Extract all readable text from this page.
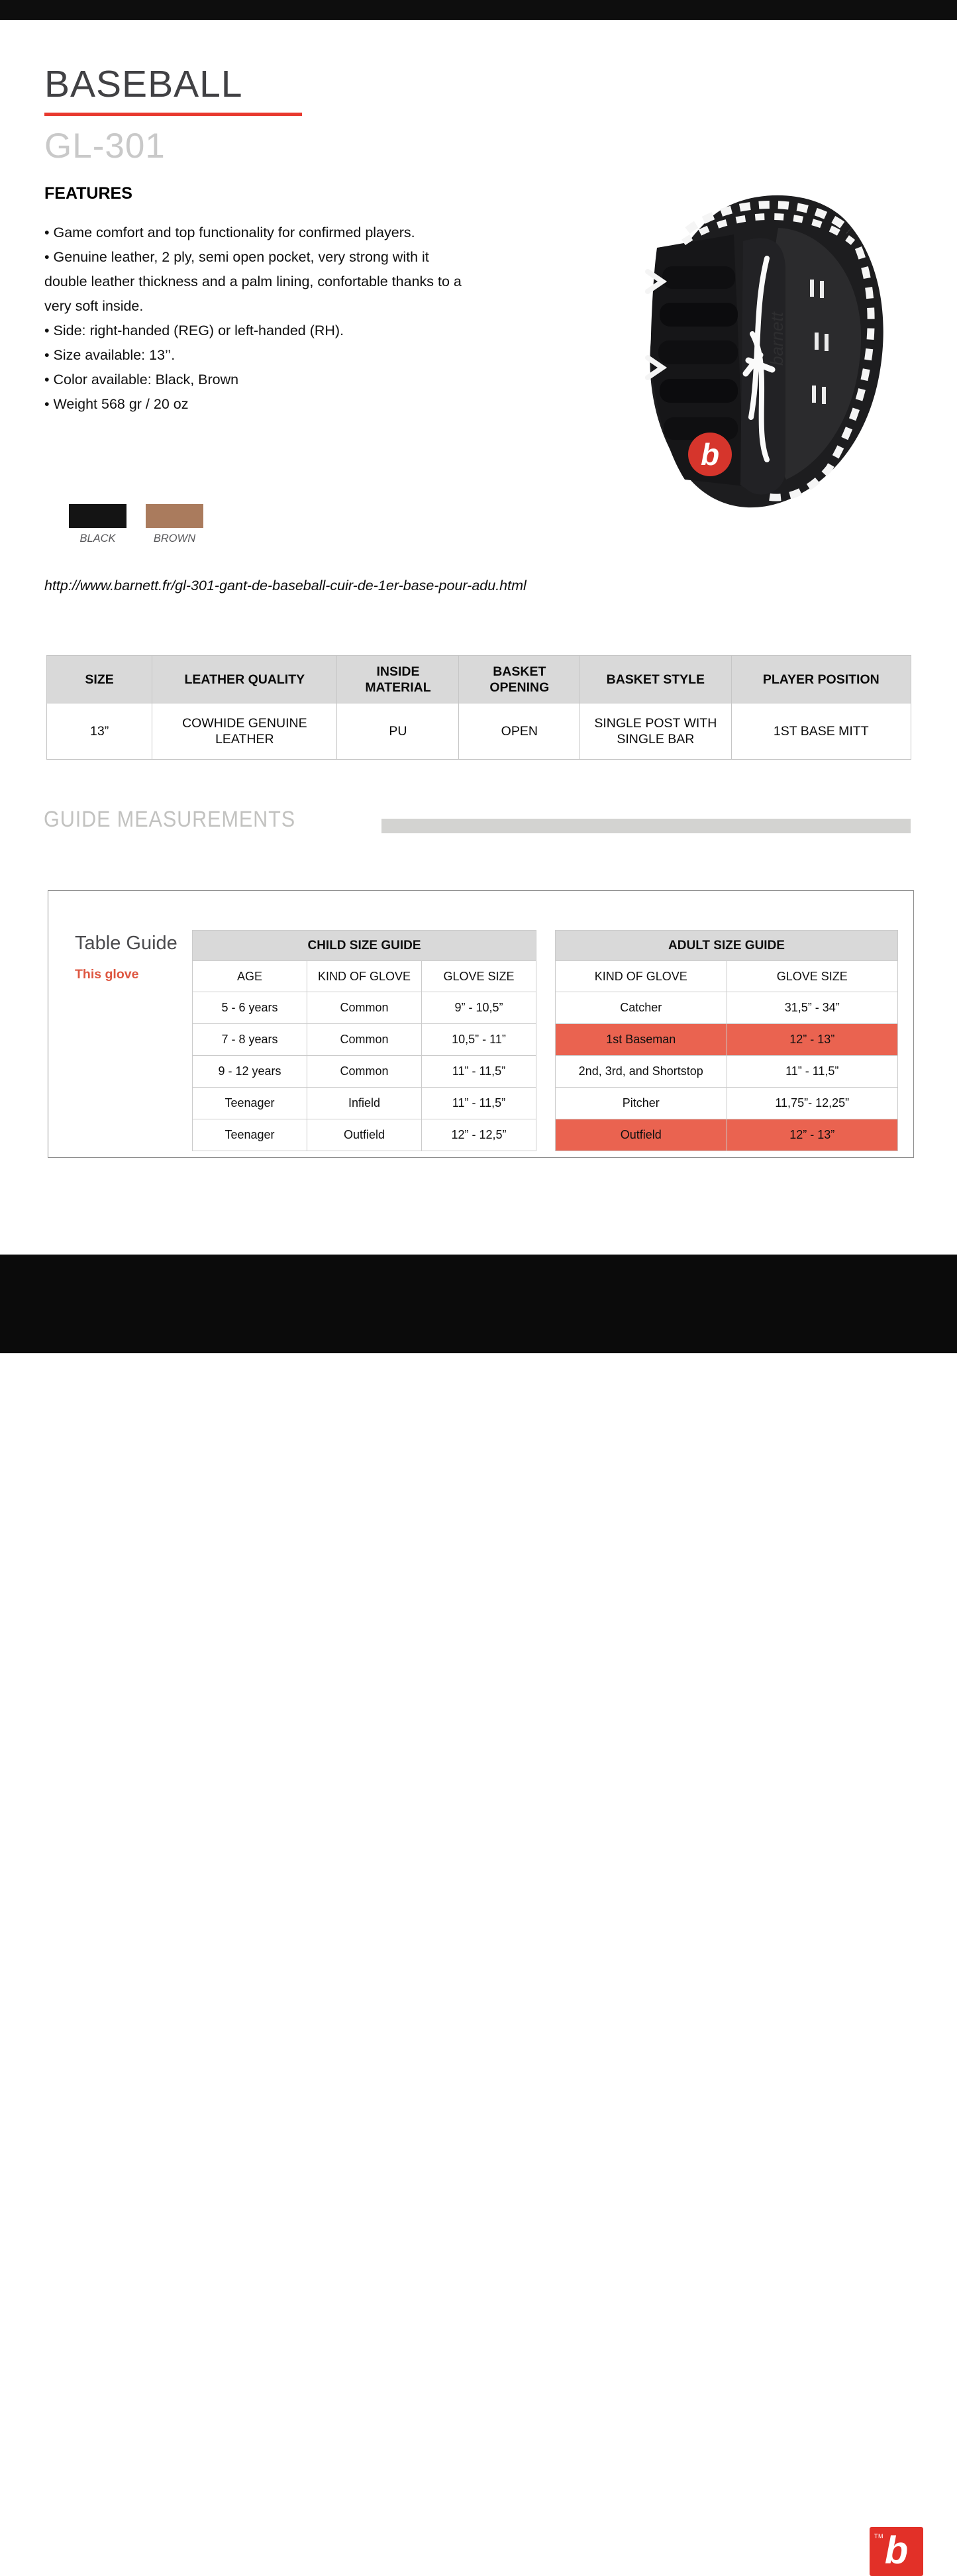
BASEBALL
GL-301
FEATURES
• Game comfort and top functionality for confirmed players.
• Genuine leather, 2 ply, semi open pocket, very strong with it double leather thickness and a palm lining, confortable thanks to a very soft inside.
• Side: right-handed (REG) or left-handed (RH).
• Size available: 13’’.
• Color available: Black, Brown
• Weight 568 gr / 20 oz
BLACK	BROWN
http://www.barnett.fr/gl-301-gant-de-baseball-cuir-de-1er-base-pour-adu.html
SIZE	LEATHER QUALITY	INSIDE MATERIAL	BASKET OPENING	BASKET STYLE	PLAYER POSITION
13”	COWHIDE GENUINE LEATHER	PU	OPEN	SINGLE POST WITH SINGLE BAR	1ST BASE MITT
GUIDE MEASUREMENTS
Table Guide
This glove
CHILD SIZE GUIDE		
AGE	KIND OF GLOVE	GLOVE SIZE
5 - 6 years	Common	9” - 10,5”
7 - 8 years	Common	10,5” - 11”
9 - 12 years	Common	11” - 11,5”
Teenager	Infield	11” - 11,5”
Teenager	Outfield	12” - 12,5”
ADULT SIZE GUIDE	
KIND OF GLOVE	GLOVE SIZE
Catcher	31,5” - 34”
1st Baseman	12” - 13”
2nd, 3rd, and Shortstop	11” - 11,5”
Pitcher	11,75”- 12,25”
Outfield	12” - 13”
barnett
b
TM b
